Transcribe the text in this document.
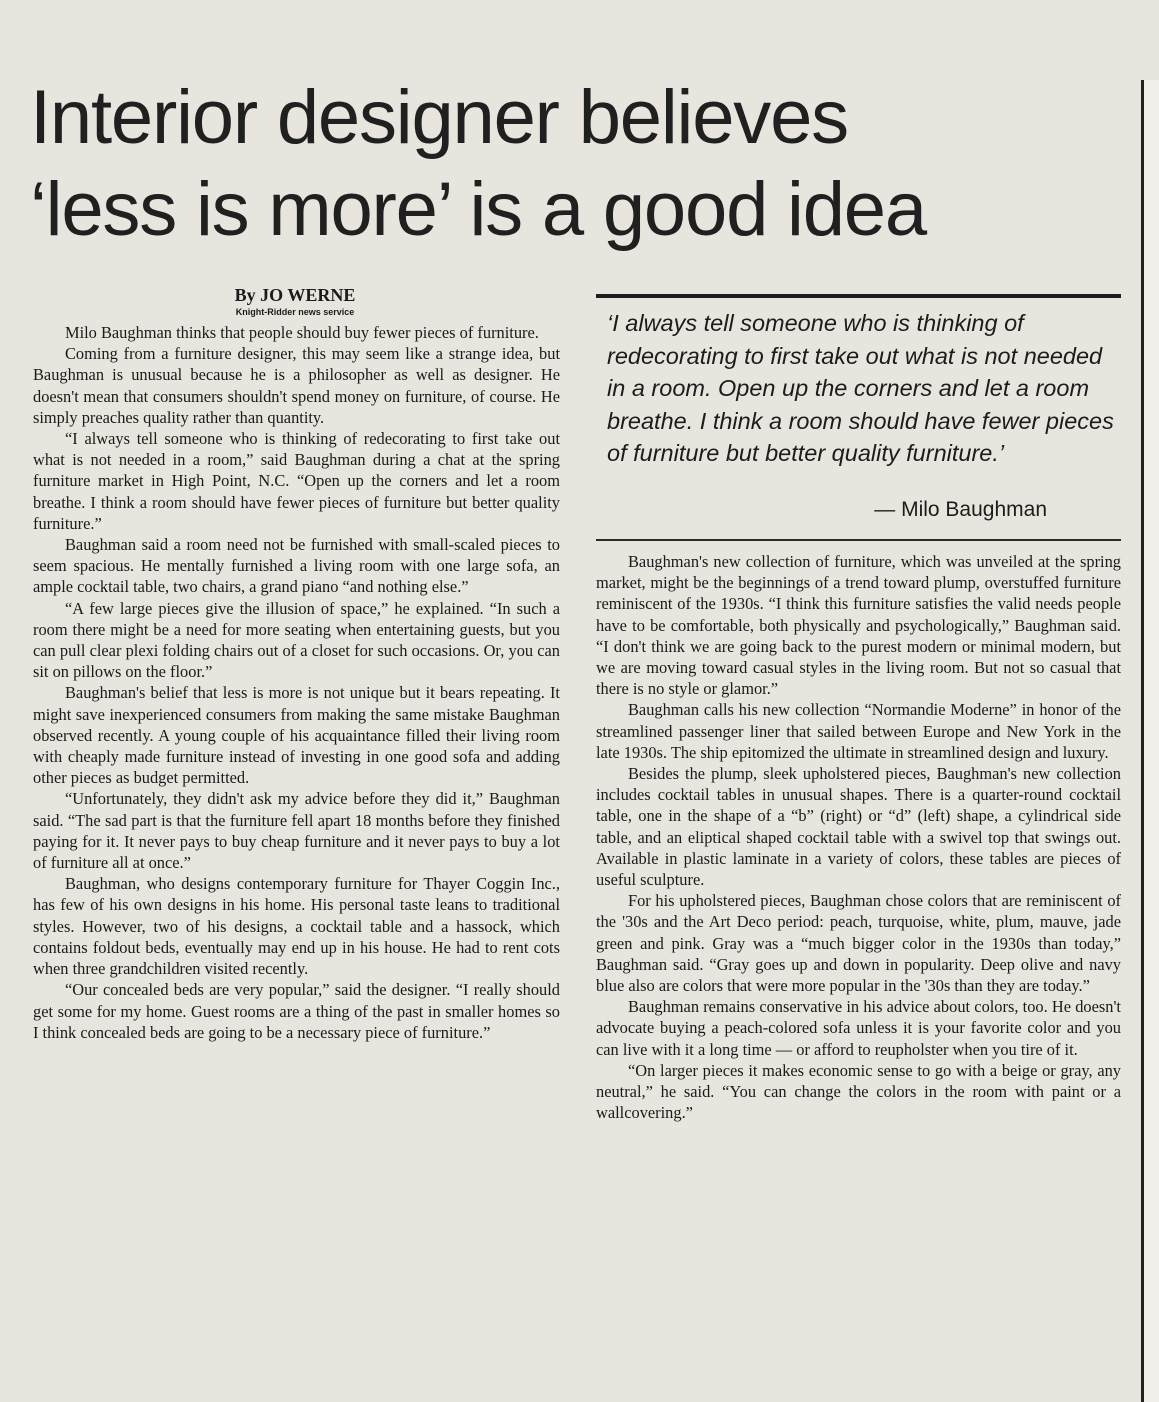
Interior designer believes
‘less is more’ is a good idea
By JO WERNE
Knight-Ridder news service

Milo Baughman thinks that people should buy fewer pieces of furniture.

Coming from a furniture designer, this may seem like a strange idea, but Baughman is unusual because he is a philosopher as well as designer. He doesn't mean that consumers shouldn't spend money on furniture, of course. He simply preaches quality rather than quantity.

“I always tell someone who is thinking of redecorating to first take out what is not needed in a room,” said Baughman during a chat at the spring furniture market in High Point, N.C. “Open up the corners and let a room breathe. I think a room should have fewer pieces of furniture but better quality furniture.”

Baughman said a room need not be furnished with small-scaled pieces to seem spacious. He mentally furnished a living room with one large sofa, an ample cocktail table, two chairs, a grand piano “and nothing else.”

“A few large pieces give the illusion of space,” he explained. “In such a room there might be a need for more seating when entertaining guests, but you can pull clear plexi folding chairs out of a closet for such occasions. Or, you can sit on pillows on the floor.”

Baughman's belief that less is more is not unique but it bears repeating. It might save inexperienced consumers from making the same mistake Baughman observed recently. A young couple of his acquaintance filled their living room with cheaply made furniture instead of investing in one good sofa and adding other pieces as budget permitted.

“Unfortunately, they didn't ask my advice before they did it,” Baughman said. “The sad part is that the furniture fell apart 18 months before they finished paying for it. It never pays to buy cheap furniture and it never pays to buy a lot of furniture all at once.”

Baughman, who designs contemporary furniture for Thayer Coggin Inc., has few of his own designs in his home. His personal taste leans to traditional styles. However, two of his designs, a cocktail table and a hassock, which contains foldout beds, eventually may end up in his house. He had to rent cots when three grandchildren visited recently.

“Our concealed beds are very popular,” said the designer. “I really should get some for my home. Guest rooms are a thing of the past in smaller homes so I think concealed beds are going to be a necessary piece of furniture.”

‘I always tell someone who is thinking of redecorating to first take out what is not needed in a room. Open up the corners and let a room breathe. I think a room should have fewer pieces of furniture but better quality furniture.’

— Milo Baughman

Baughman's new collection of furniture, which was unveiled at the spring market, might be the beginnings of a trend toward plump, overstuffed furniture reminiscent of the 1930s. “I think this furniture satisfies the valid needs people have to be comfortable, both physically and psychologically,” Baughman said. “I don't think we are going back to the purest modern or minimal modern, but we are moving toward casual styles in the living room. But not so casual that there is no style or glamor.”

Baughman calls his new collection “Normandie Moderne” in honor of the streamlined passenger liner that sailed between Europe and New York in the late 1930s. The ship epitomized the ultimate in streamlined design and luxury.

Besides the plump, sleek upholstered pieces, Baughman's new collection includes cocktail tables in unusual shapes. There is a quarter-round cocktail table, one in the shape of a “b” (right) or “d” (left) shape, a cylindrical side table, and an eliptical shaped cocktail table with a swivel top that swings out. Available in plastic laminate in a variety of colors, these tables are pieces of useful sculpture.

For his upholstered pieces, Baughman chose colors that are reminiscent of the '30s and the Art Deco period: peach, turquoise, white, plum, mauve, jade green and pink. Gray was a “much bigger color in the 1930s than today,” Baughman said. “Gray goes up and down in popularity. Deep olive and navy blue also are colors that were more popular in the '30s than they are today.”

Baughman remains conservative in his advice about colors, too. He doesn't advocate buying a peach-colored sofa unless it is your favorite color and you can live with it a long time — or afford to reupholster when you tire of it.

“On larger pieces it makes economic sense to go with a beige or gray, any neutral,” he said. “You can change the colors in the room with paint or a wallcovering.”
